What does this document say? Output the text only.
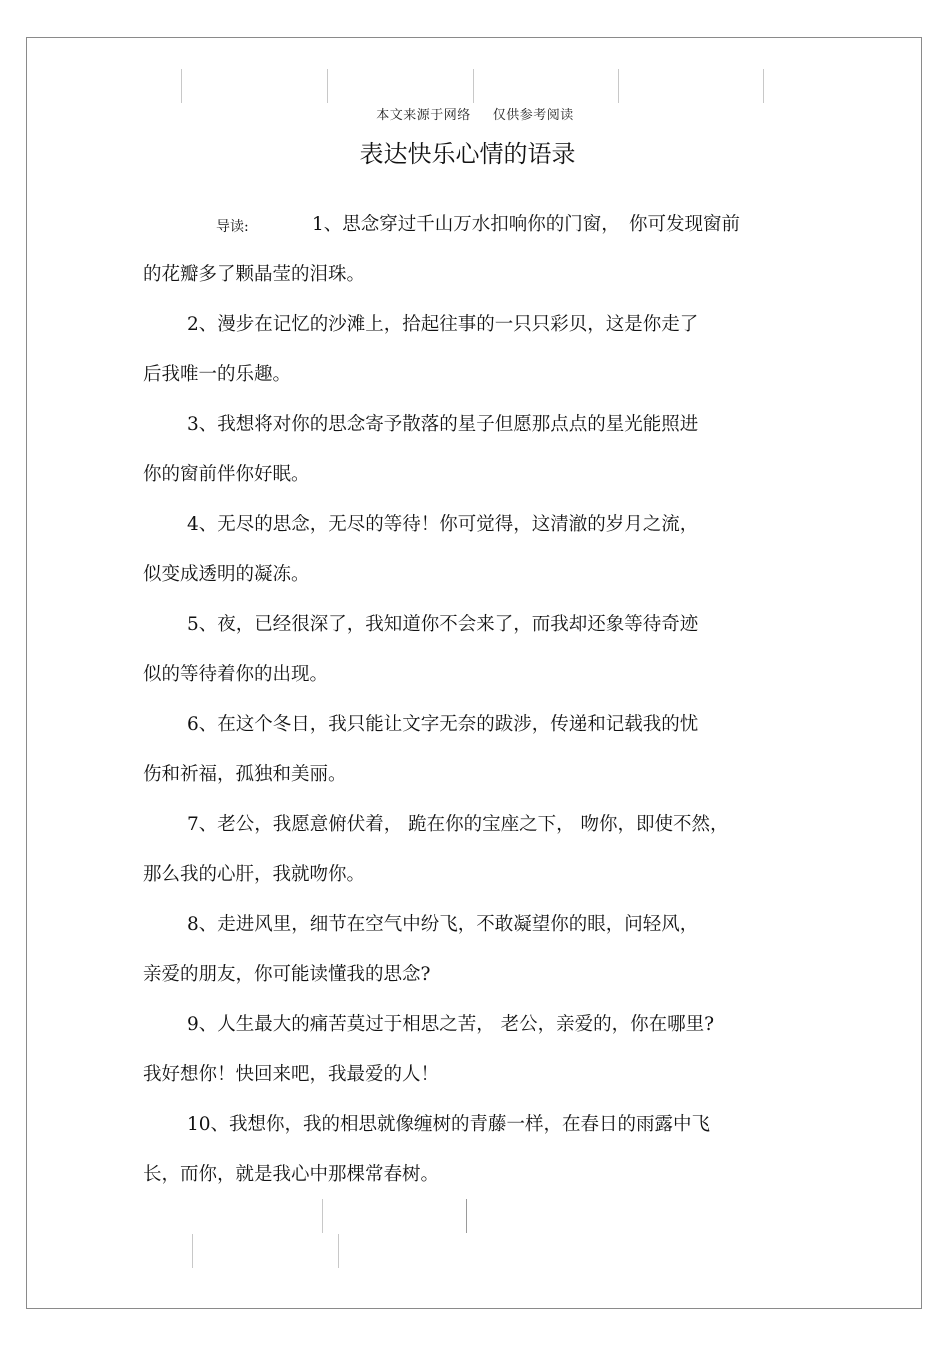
本文来源于网络 仅供参考阅读
表达快乐心情的语录
导读:	1、思念穿过千山万水扣响你的门窗，　你可发现窗前
的花瓣多了颗晶莹的泪珠。
2、漫步在记忆的沙滩上，拾起往事的一只只彩贝，这是你走了
后我唯一的乐趣。
3、我想将对你的思念寄予散落的星子但愿那点点的星光能照进
你的窗前伴你好眠。
4、无尽的思念，无尽的等待！你可觉得，这清澈的岁月之流，
似变成透明的凝冻。
5、夜，已经很深了，我知道你不会来了，而我却还象等待奇迹
似的等待着你的出现。
6、在这个冬日，我只能让文字无奈的跋涉，传递和记载我的忧
伤和祈福，孤独和美丽。
7、老公，我愿意俯伏着， 跪在你的宝座之下， 吻你，即使不然，
那么我的心肝，我就吻你。
8、走进风里，细节在空气中纷飞，不敢凝望你的眼，问轻风，
亲爱的朋友，你可能读懂我的思念?
9、人生最大的痛苦莫过于相思之苦， 老公，亲爱的，你在哪里?
我好想你！快回来吧，我最爱的人！
10、我想你，我的相思就像缠树的青藤一样，在春日的雨露中飞
长，而你，就是我心中那棵常春树。
